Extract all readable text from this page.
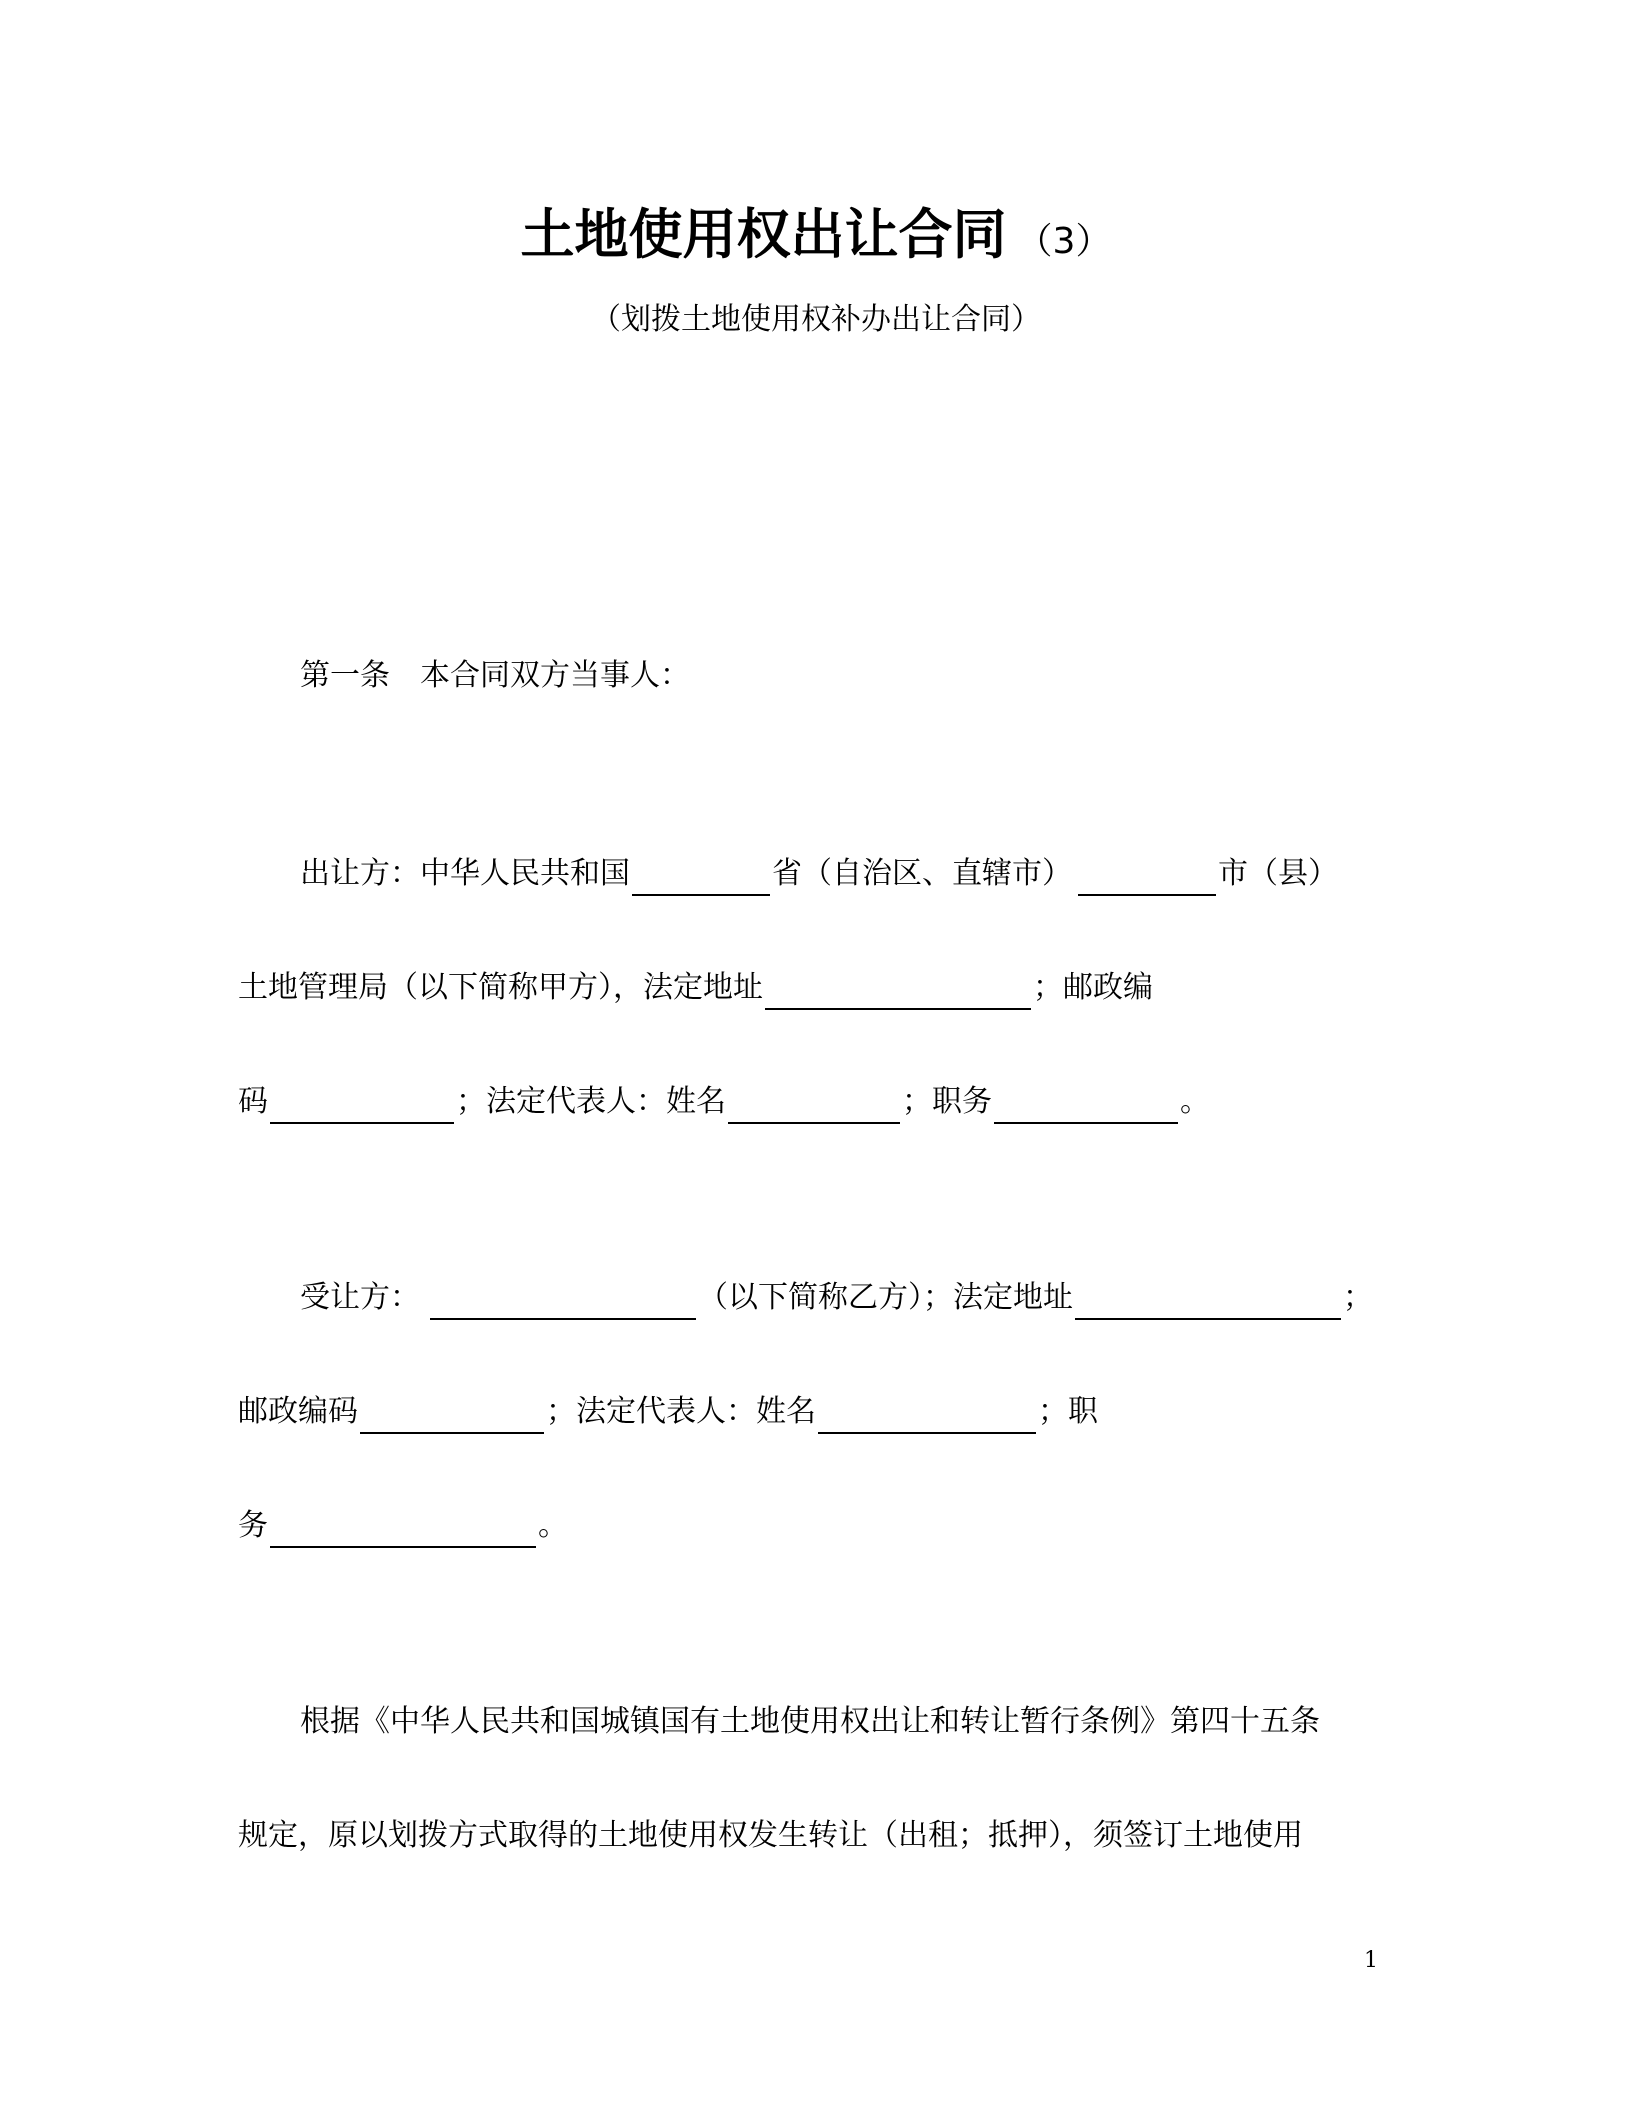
土地使用权出让合同 （3）
（划拨土地使用权补办出让合同）
第一条　本合同双方当事人：
出让方：中华人民共和国	省（自治区、直辖市）	市（县）
土地管理局（以下简称甲方），法定地址	；邮政编
码	；法定代表人：姓名	；职务	。
受让方：	（以下简称乙方）；法定地址	；
邮政编码	；法定代表人：姓名	；职
务	。
根据《中华人民共和国城镇国有土地使用权出让和转让暂行条例》第四十五条
规定，原以划拨方式取得的土地使用权发生转让（出租；抵押），须签订土地使用
1
